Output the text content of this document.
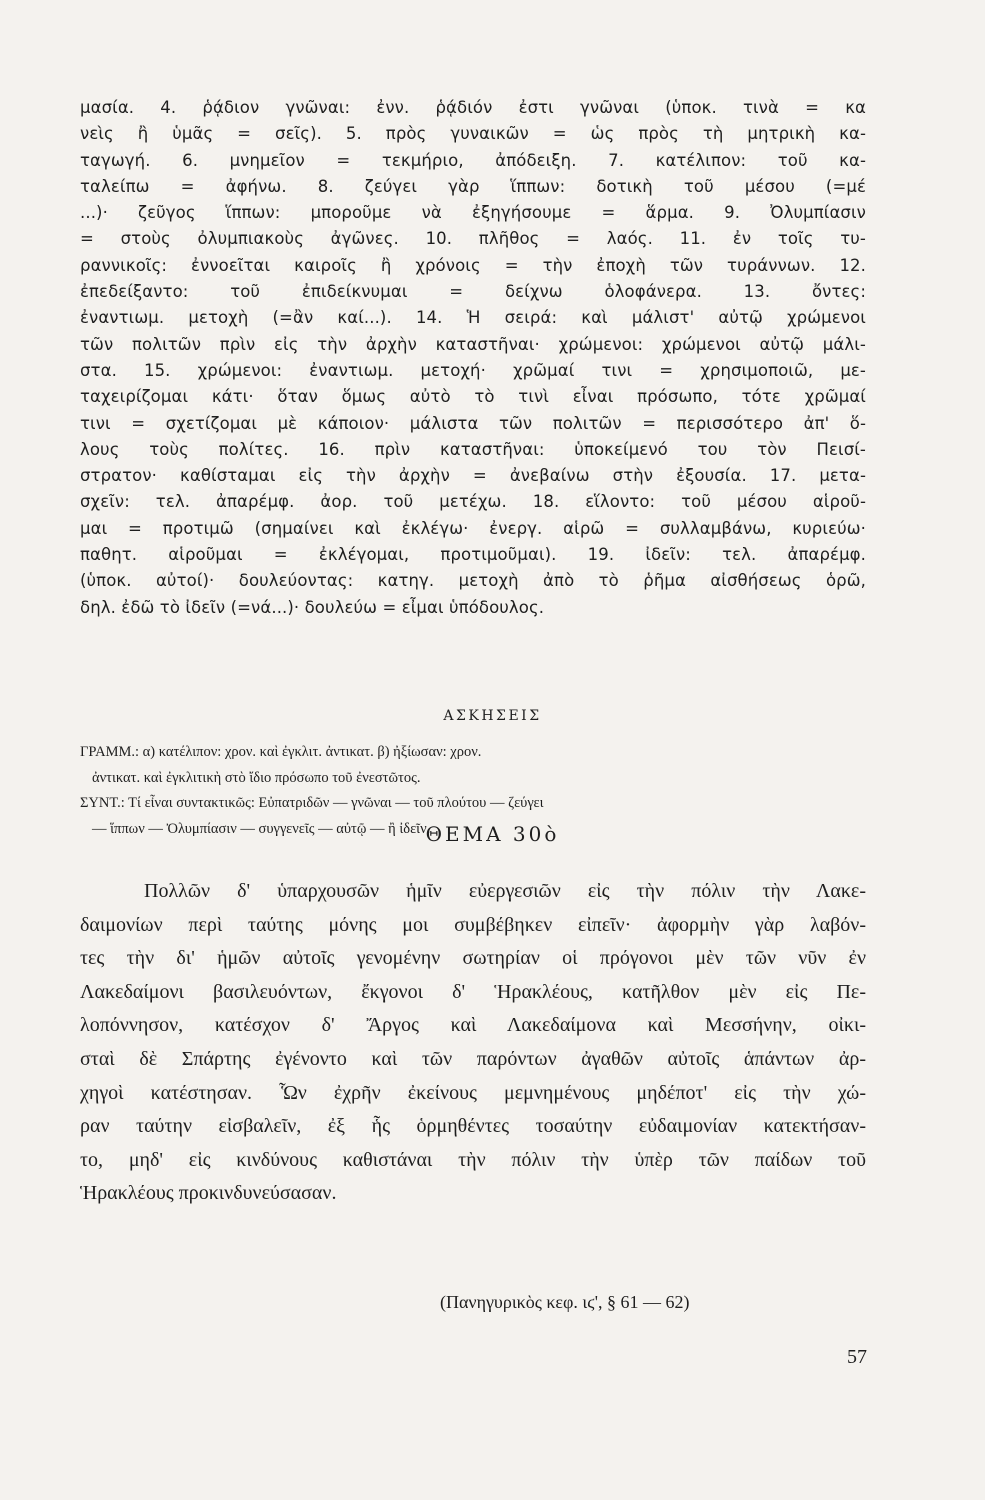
μασία. 4. ῥᾴδιον γνῶναι: ἐνν. ῥᾴδιόν ἐστι γνῶναι (ὑποκ. τινὰ = κα
νεὶς ἢ ὑμᾶς = σεῖς). 5. πρὸς γυναικῶν = ὡς πρὸς τὴ μητρικὴ κα-
ταγωγή. 6. μνημεῖον = τεκμήριο, ἀπόδειξη. 7. κατέλιπον: τοῦ κα-
ταλείπω = ἀφήνω. 8. ζεύγει γὰρ ἵππων: δοτικὴ τοῦ μέσου (=μέ
...)· ζεῦγος ἵππων: μποροῦμε νὰ ἐξηγήσουμε = ἅρμα. 9. Ὀλυμπίασιν
= στοὺς ὀλυμπιακοὺς ἀγῶνες. 10. πλῆθος = λαός. 11. ἐν τοῖς τυ-
ραννικοῖς: ἐννοεῖται καιροῖς ἢ χρόνοις = τὴν ἐποχὴ τῶν τυράννων. 12.
ἐπεδείξαντο: τοῦ ἐπιδείκνυμαι = δείχνω ὁλοφάνερα. 13. ὄντες:
ἐναντιωμ. μετοχὴ (=ἂν καί...). 14. Ἡ σειρά: καὶ μάλιστ' αὐτῷ χρώμενοι
τῶν πολιτῶν πρὶν εἰς τὴν ἀρχὴν καταστῆναι· χρώμενοι: χρώμενοι αὐτῷ μάλι-
στα. 15. χρώμενοι: ἐναντιωμ. μετοχή· χρῶμαί τινι = χρησιμοποιῶ, με-
ταχειρίζομαι κάτι· ὅταν ὅμως αὐτὸ τὸ τινὶ εἶναι πρόσωπο, τότε χρῶμαί
τινι = σχετίζομαι μὲ κάποιον· μάλιστα τῶν πολιτῶν = περισσότερο ἀπ' ὅ-
λους τοὺς πολίτες. 16. πρὶν καταστῆναι: ὑποκείμενό του τὸν Πεισί-
στρατον· καθίσταμαι εἰς τὴν ἀρχὴν = ἀνεβαίνω στὴν ἐξουσία. 17. μετα-
σχεῖν: τελ. ἀπαρέμφ. ἀορ. τοῦ μετέχω. 18. εἵλοντο: τοῦ μέσου αἱροῦ-
μαι = προτιμῶ (σημαίνει καὶ ἐκλέγω· ἐνεργ. αἱρῶ = συλλαμβάνω, κυριεύω·
παθητ. αἱροῦμαι = ἐκλέγομαι, προτιμοῦμαι). 19. ἰδεῖν: τελ. ἀπαρέμφ.
(ὑποκ. αὐτοί)· δουλεύοντας: κατηγ. μετοχὴ ἀπὸ τὸ ῥῆμα αἰσθήσεως ὁρῶ,
δηλ. ἐδῶ τὸ ἰδεῖν (=νά...)· δουλεύω = εἶμαι ὑπόδουλος.
ΑΣΚΗΣΕΙΣ
ΓΡΑΜΜ.: α) κατέλιπον: χρον. καὶ ἐγκλιτ. ἀντικατ. β) ἠξίωσαν: χρον.
ἀντικατ. καὶ ἐγκλιτικὴ στὸ ἴδιο πρόσωπο τοῦ ἐνεστῶτος.
ΣΥΝΤ.: Τί εἶναι συντακτικῶς: Εὐπατριδῶν — γνῶναι — τοῦ πλούτου — ζεύγει
— ἵππων — Ὀλυμπίασιν — συγγενεῖς — αὐτῷ — ἢ ἰδεῖν.
ΘΕΜΑ 30ὸ
Πολλῶν δ' ὑπαρχουσῶν ἡμῖν εὐεργεσιῶν εἰς τὴν πόλιν τὴν Λακε-
δαιμονίων περὶ ταύτης μόνης μοι συμβέβηκεν εἰπεῖν· ἀφορμὴν γὰρ λαβόν-
τες τὴν δι' ἡμῶν αὐτοῖς γενομένην σωτηρίαν οἱ πρόγονοι μὲν τῶν νῦν ἐν
Λακεδαίμονι βασιλευόντων, ἔκγονοι δ' Ἡρακλέους, κατῆλθον μὲν εἰς Πε-
λοπόννησον, κατέσχον δ' Ἄργος καὶ Λακεδαίμονα καὶ Μεσσήνην, οἰκι-
σταὶ δὲ Σπάρτης ἐγένοντο καὶ τῶν παρόντων ἀγαθῶν αὐτοῖς ἁπάντων ἀρ-
χηγοὶ κατέστησαν. Ὧν ἐχρῆν ἐκείνους μεμνημένους μηδέποτ' εἰς τὴν χώ-
ραν ταύτην εἰσβαλεῖν, ἐξ ἧς ὁρμηθέντες τοσαύτην εὐδαιμονίαν κατεκτήσαν-
το, μηδ' εἰς κινδύνους καθιστάναι τὴν πόλιν τὴν ὑπὲρ τῶν παίδων τοῦ
Ἡρακλέους προκινδυνεύσασαν.
(Πανηγυρικὸς κεφ. ιϛ', § 61 — 62)
57
